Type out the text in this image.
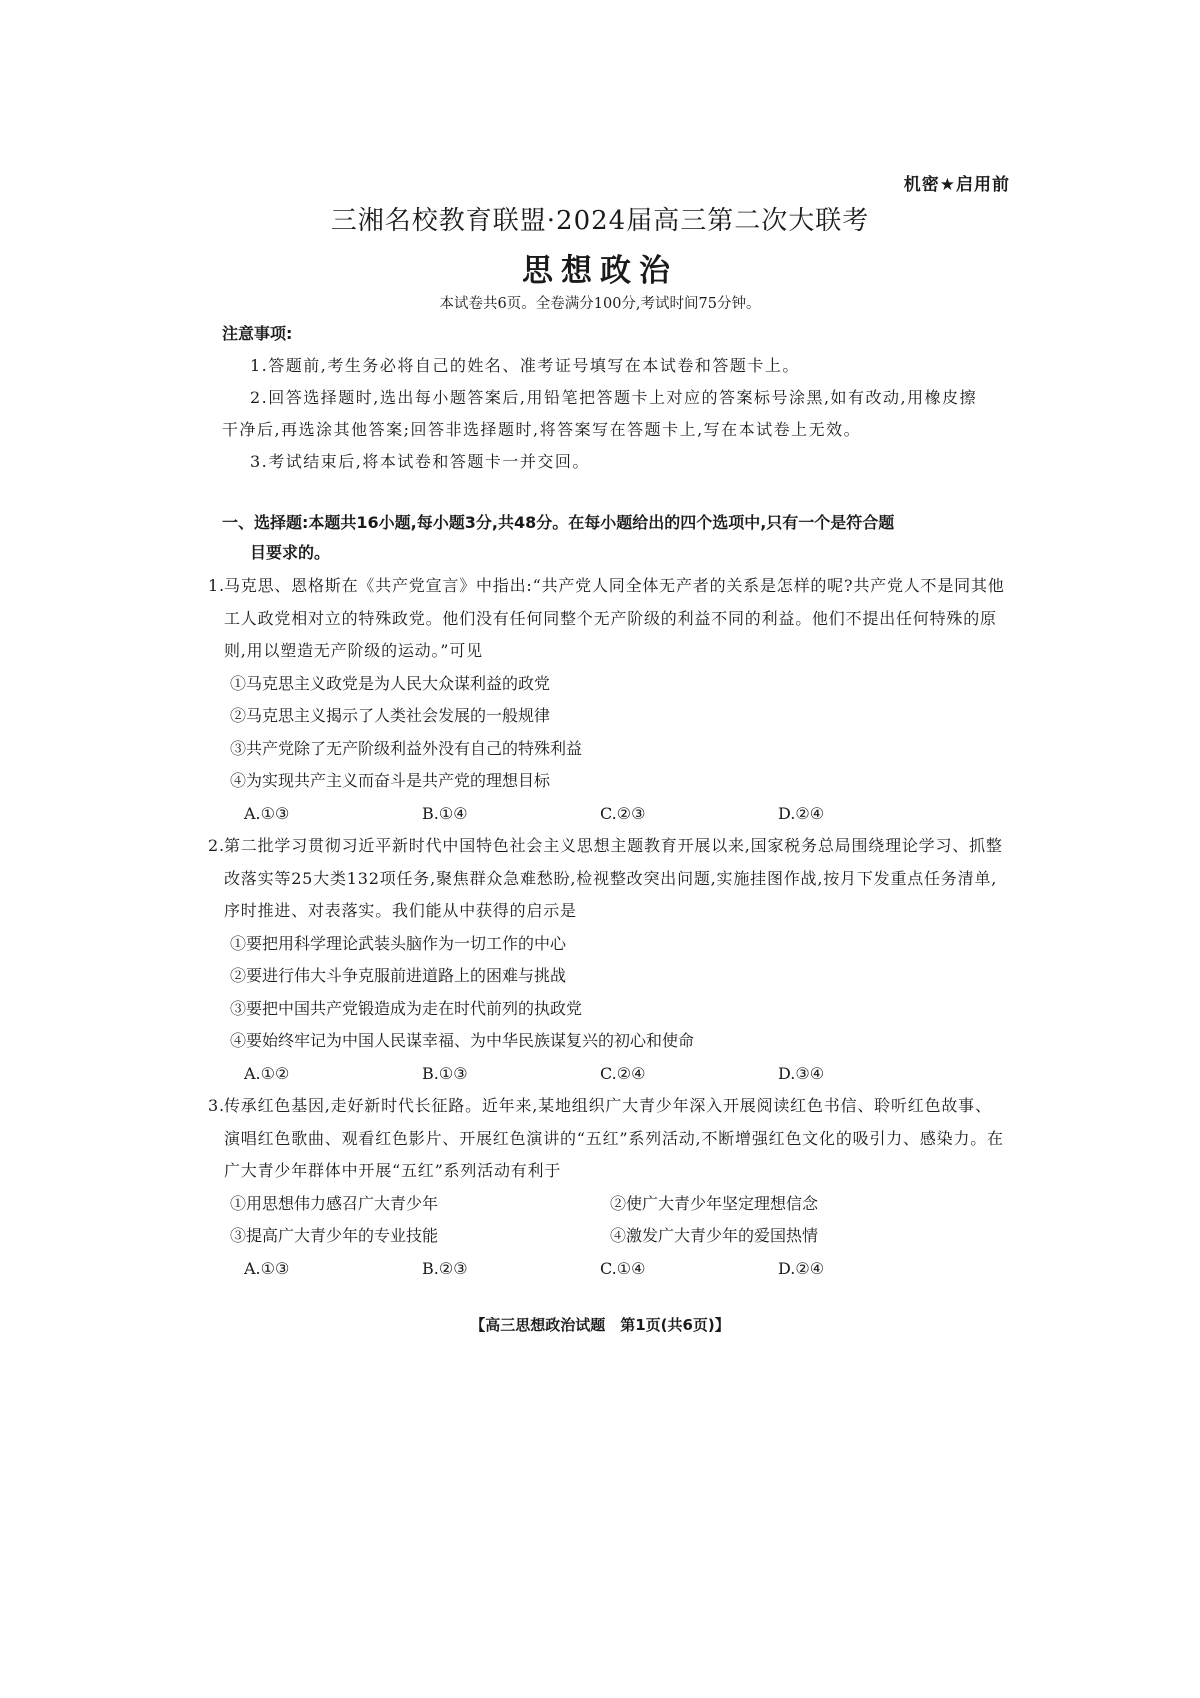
机密★启用前
三湘名校教育联盟·2024届高三第二次大联考
思想政治
本试卷共6页。全卷满分100分,考试时间75分钟。
注意事项:
1.答题前,考生务必将自己的姓名、准考证号填写在本试卷和答题卡上。
2.回答选择题时,选出每小题答案后,用铅笔把答题卡上对应的答案标号涂黑,如有改动,用橡皮擦干净后,再选涂其他答案;回答非选择题时,将答案写在答题卡上,写在本试卷上无效。
3.考试结束后,将本试卷和答题卡一并交回。
一、选择题:本题共16小题,每小题3分,共48分。在每小题给出的四个选项中,只有一个是符合题
目要求的。
1.马克思、恩格斯在《共产党宣言》中指出:“共产党人同全体无产者的关系是怎样的呢?共产党人不是同其他工人政党相对立的特殊政党。他们没有任何同整个无产阶级的利益不同的利益。他们不提出任何特殊的原则,用以塑造无产阶级的运动。”可见
①马克思主义政党是为人民大众谋利益的政党
②马克思主义揭示了人类社会发展的一般规律
③共产党除了无产阶级利益外没有自己的特殊利益
④为实现共产主义而奋斗是共产党的理想目标
A.①③	B.①④	C.②③	D.②④
2.第二批学习贯彻习近平新时代中国特色社会主义思想主题教育开展以来,国家税务总局围绕理论学习、抓整改落实等25大类132项任务,聚焦群众急难愁盼,检视整改突出问题,实施挂图作战,按月下发重点任务清单,序时推进、对表落实。我们能从中获得的启示是
①要把用科学理论武装头脑作为一切工作的中心
②要进行伟大斗争克服前进道路上的困难与挑战
③要把中国共产党锻造成为走在时代前列的执政党
④要始终牢记为中国人民谋幸福、为中华民族谋复兴的初心和使命
A.①②	B.①③	C.②④	D.③④
3.传承红色基因,走好新时代长征路。近年来,某地组织广大青少年深入开展阅读红色书信、聆听红色故事、演唱红色歌曲、观看红色影片、开展红色演讲的“五红”系列活动,不断增强红色文化的吸引力、感染力。在广大青少年群体中开展“五红”系列活动有利于
①用思想伟力感召广大青少年	②使广大青少年坚定理想信念
③提高广大青少年的专业技能	④激发广大青少年的爱国热情
A.①③	B.②③	C.①④	D.②④
【高三思想政治试题　第1页(共6页)】
